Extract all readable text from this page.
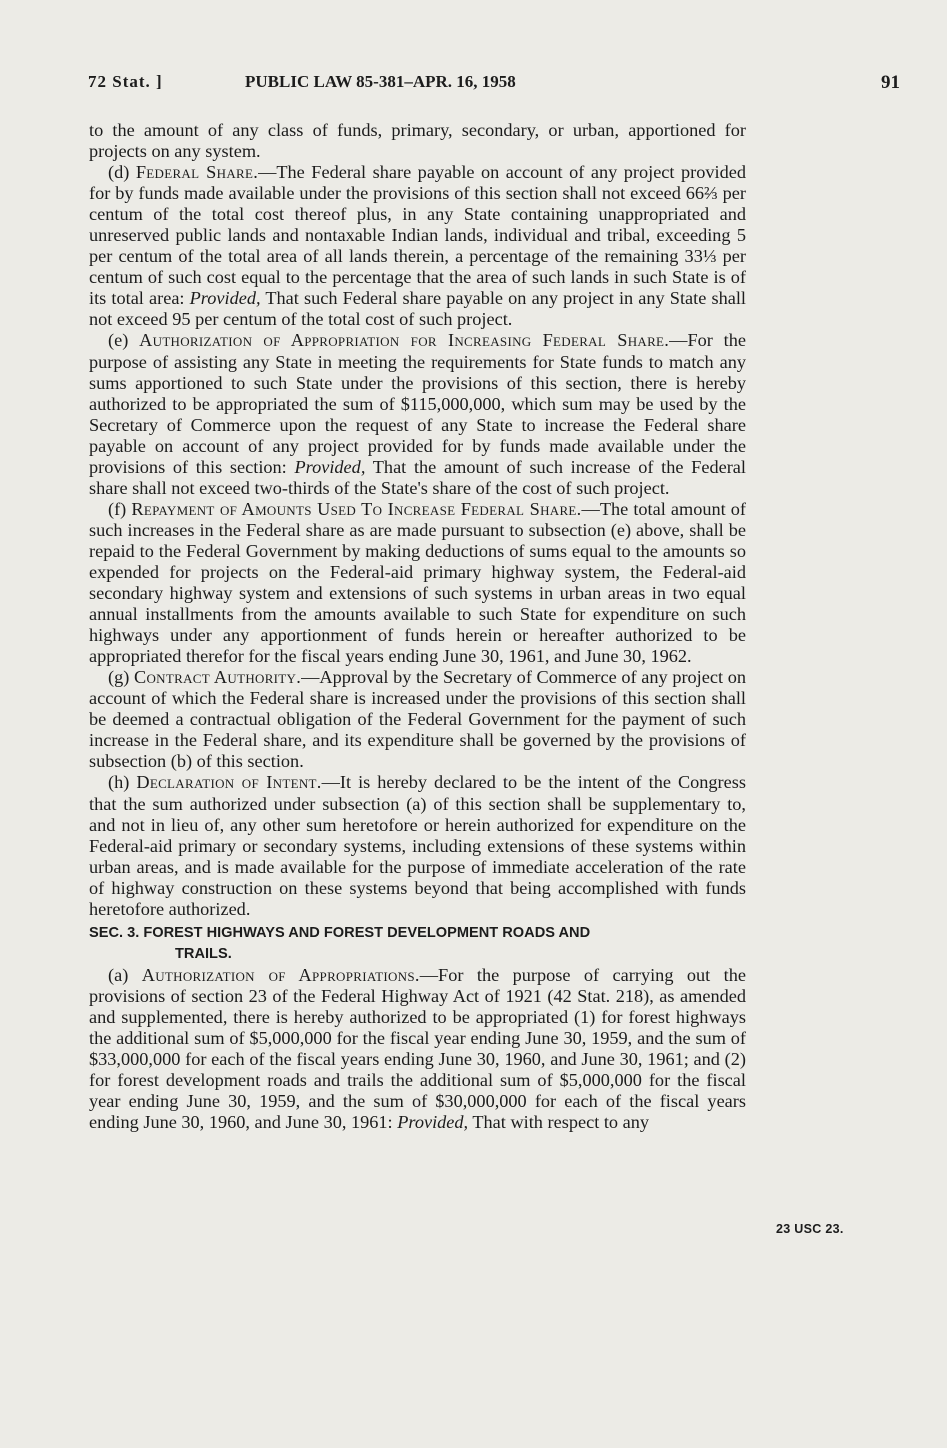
72 Stat. ]	PUBLIC LAW 85-381–APR. 16, 1958	91

to the amount of any class of funds, primary, secondary, or urban, apportioned for projects on any system.

(d) Federal Share.—The Federal share payable on account of any project provided for by funds made available under the provisions of this section shall not exceed 66⅔ per centum of the total cost thereof plus, in any State containing unappropriated and unreserved public lands and nontaxable Indian lands, individual and tribal, exceeding 5 per centum of the total area of all lands therein, a percentage of the remaining 33⅓ per centum of such cost equal to the percentage that the area of such lands in such State is of its total area: Provided, That such Federal share payable on any project in any State shall not exceed 95 per centum of the total cost of such project.

(e) Authorization of Appropriation for Increasing Federal Share.—For the purpose of assisting any State in meeting the requirements for State funds to match any sums apportioned to such State under the provisions of this section, there is hereby authorized to be appropriated the sum of $115,000,000, which sum may be used by the Secretary of Commerce upon the request of any State to increase the Federal share payable on account of any project provided for by funds made available under the provisions of this section: Provided, That the amount of such increase of the Federal share shall not exceed two-thirds of the State's share of the cost of such project.

(f) Repayment of Amounts Used To Increase Federal Share.—The total amount of such increases in the Federal share as are made pursuant to subsection (e) above, shall be repaid to the Federal Government by making deductions of sums equal to the amounts so expended for projects on the Federal-aid primary highway system, the Federal-aid secondary highway system and extensions of such systems in urban areas in two equal annual installments from the amounts available to such State for expenditure on such highways under any apportionment of funds herein or hereafter authorized to be appropriated therefor for the fiscal years ending June 30, 1961, and June 30, 1962.

(g) Contract Authority.—Approval by the Secretary of Commerce of any project on account of which the Federal share is increased under the provisions of this section shall be deemed a contractual obligation of the Federal Government for the payment of such increase in the Federal share, and its expenditure shall be governed by the provisions of subsection (b) of this section.

(h) Declaration of Intent.—It is hereby declared to be the intent of the Congress that the sum authorized under subsection (a) of this section shall be supplementary to, and not in lieu of, any other sum heretofore or herein authorized for expenditure on the Federal-aid primary or secondary systems, including extensions of these systems within urban areas, and is made available for the purpose of immediate acceleration of the rate of highway construction on these systems beyond that being accomplished with funds heretofore authorized.

SEC. 3. FOREST HIGHWAYS AND FOREST DEVELOPMENT ROADS AND
TRAILS.

(a) Authorization of Appropriations.—For the purpose of carrying out the provisions of section 23 of the Federal Highway Act of 1921 (42 Stat. 218), as amended and supplemented, there is hereby authorized to be appropriated (1) for forest highways the additional sum of $5,000,000 for the fiscal year ending June 30, 1959, and the sum of $33,000,000 for each of the fiscal years ending June 30, 1960, and June 30, 1961; and (2) for forest development roads and trails the additional sum of $5,000,000 for the fiscal year ending June 30, 1959, and the sum of $30,000,000 for each of the fiscal years ending June 30, 1960, and June 30, 1961: Provided, That with respect to any

23 USC 23.
